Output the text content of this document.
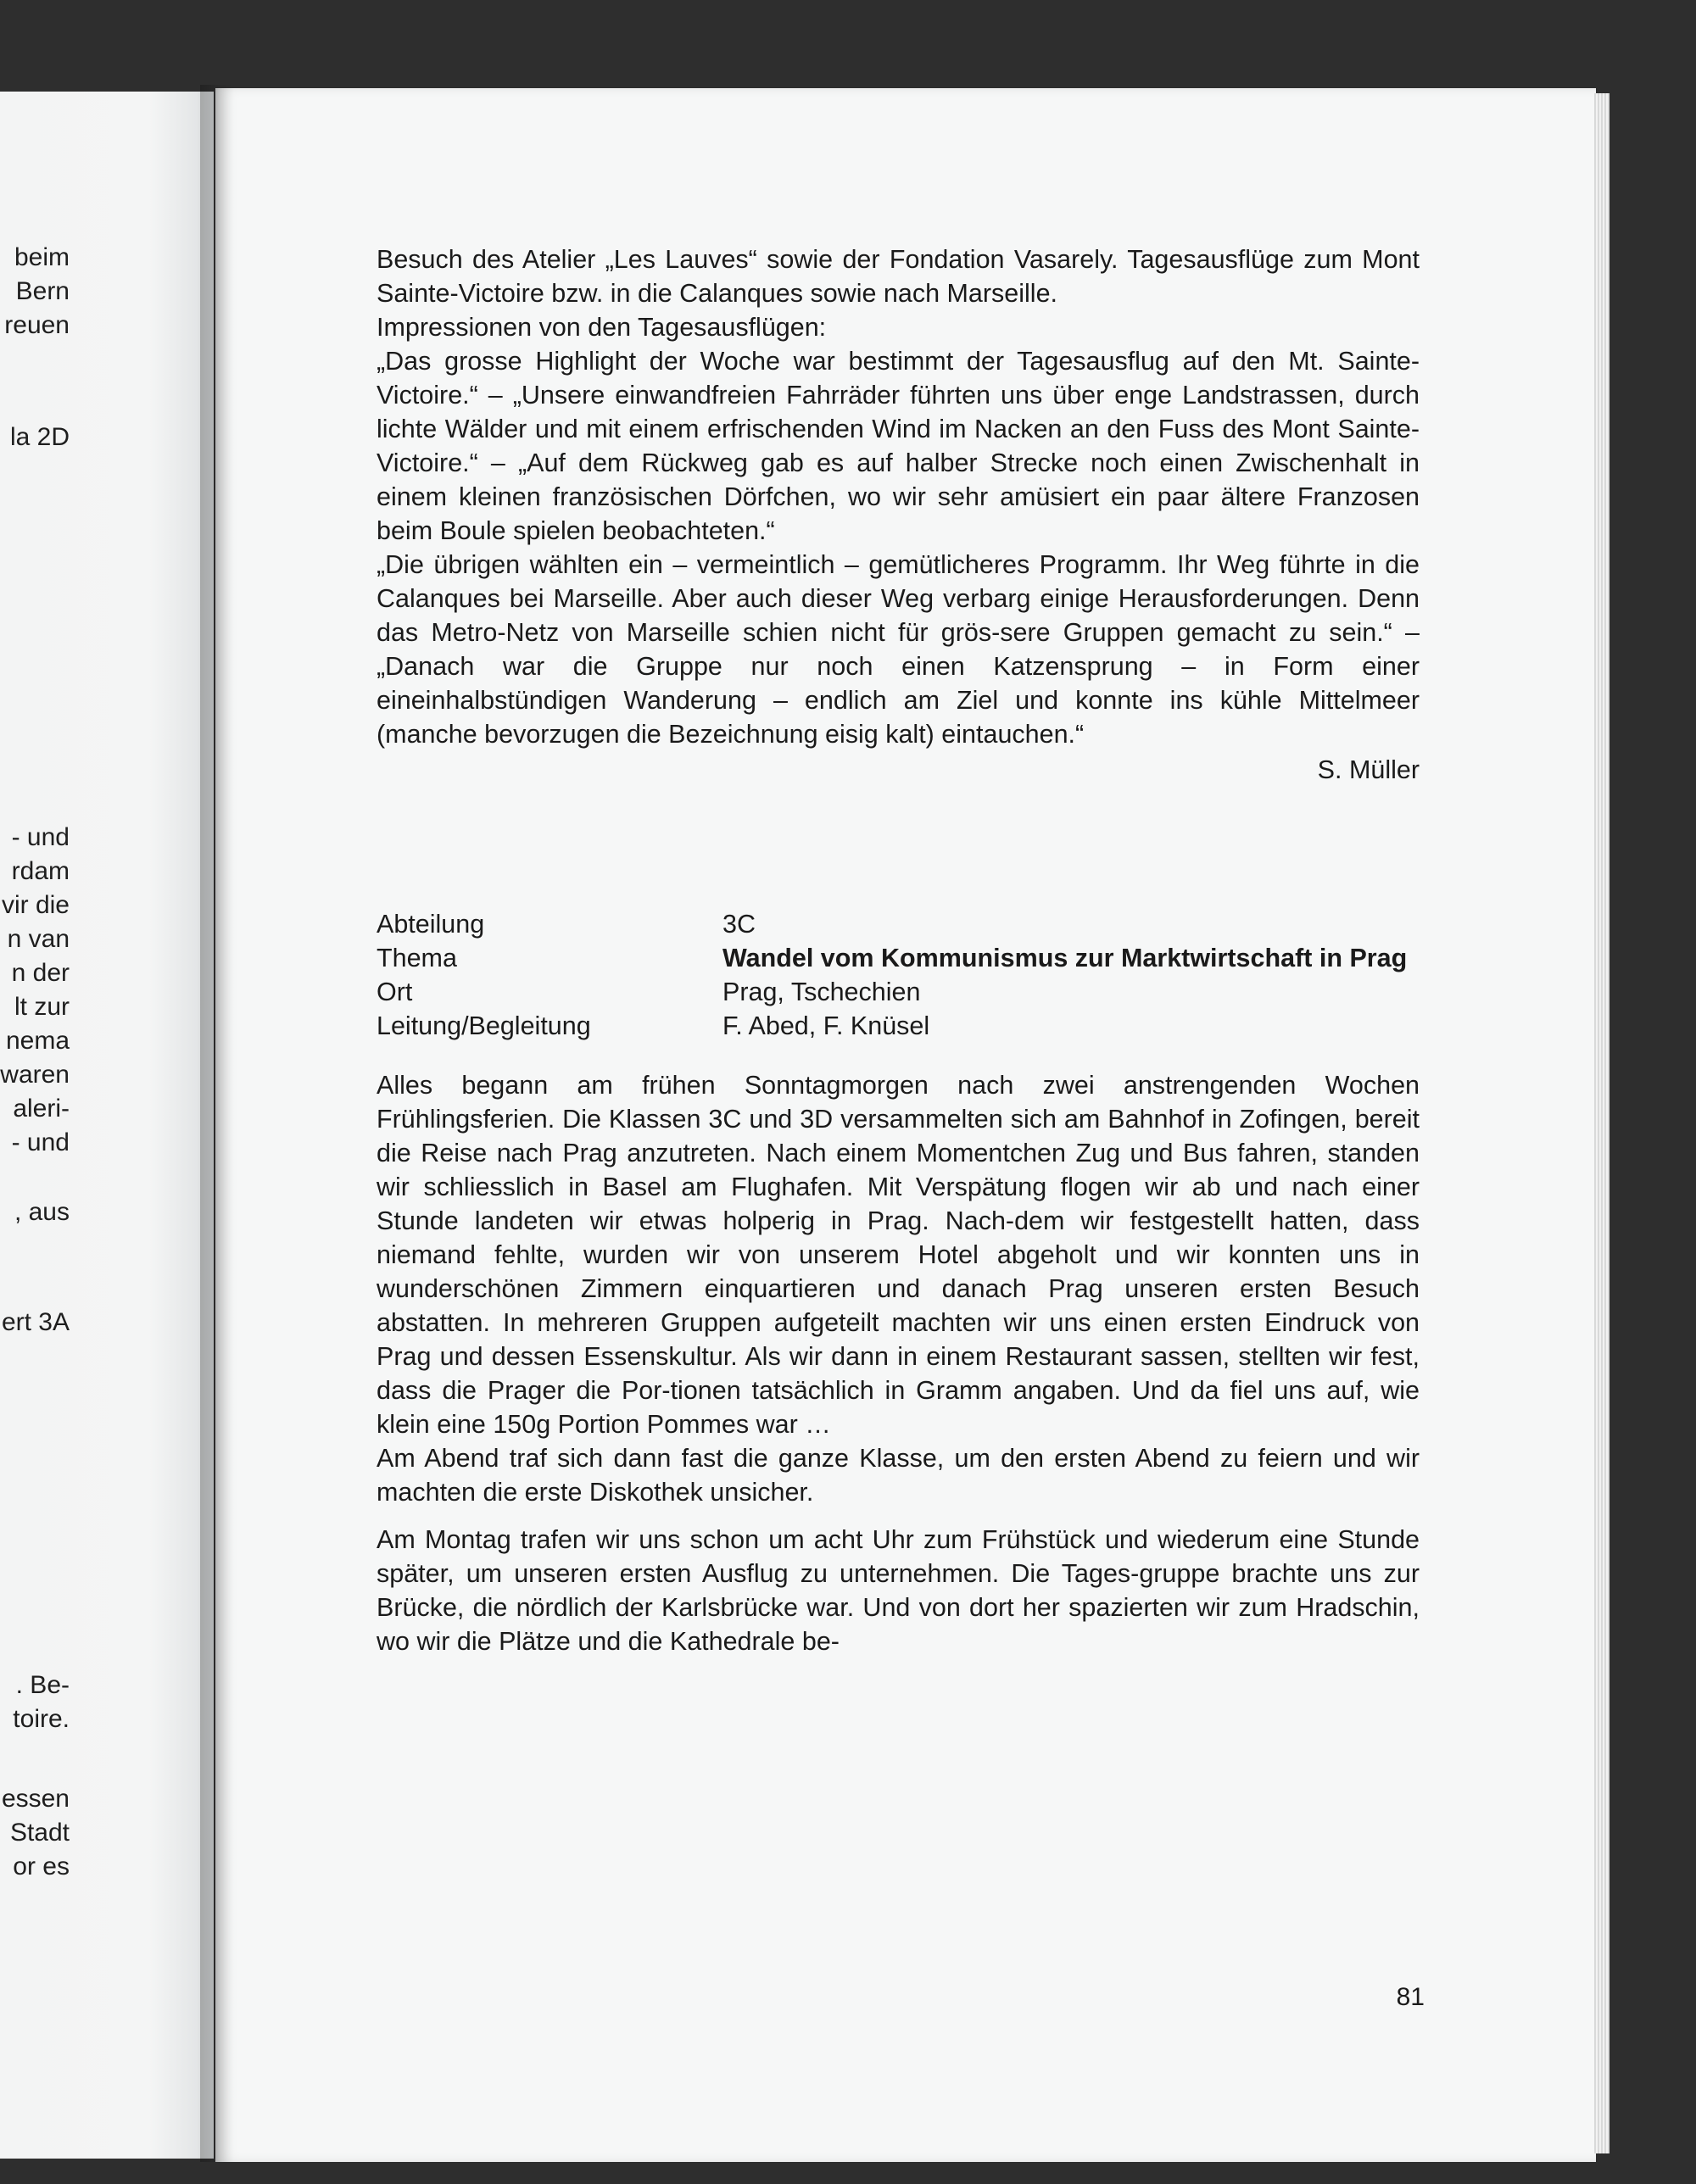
beim
Bern
reuen
la 2D
- und
rdam
vir die
n van
n der
lt zur
nema
waren
aleri-
- und
, aus
ert 3A
. Be-
toire.
essen
Stadt
or es

Besuch des Atelier „Les Lauves“ sowie der Fondation Vasarely. Tagesausflüge zum Mont Sainte-Victoire bzw. in die Calanques sowie nach Marseille.

Impressionen von den Tagesausflügen:

„Das grosse Highlight der Woche war bestimmt der Tagesausflug auf den Mt. Sainte-Victoire.“ – „Unsere einwandfreien Fahrräder führten uns über enge Landstrassen, durch lichte Wälder und mit einem erfrischenden Wind im Nacken an den Fuss des Mont Sainte-Victoire.“ – „Auf dem Rückweg gab es auf halber Strecke noch einen Zwischenhalt in einem kleinen französischen Dörfchen, wo wir sehr amüsiert ein paar ältere Franzosen beim Boule spielen beobachteten.“

„Die übrigen wählten ein – vermeintlich – gemütlicheres Programm. Ihr Weg führte in die Calanques bei Marseille. Aber auch dieser Weg verbarg einige Herausforderungen. Denn das Metro-Netz von Marseille schien nicht für grös-sere Gruppen gemacht zu sein.“ – „Danach war die Gruppe nur noch einen Katzensprung – in Form einer eineinhalbstündigen Wanderung – endlich am Ziel und konnte ins kühle Mittelmeer (manche bevorzugen die Bezeichnung eisig kalt) eintauchen.“

S. Müller
Abteilung	3C
Thema	Wandel vom Kommunismus zur Marktwirtschaft in Prag
Ort	Prag, Tschechien
Leitung/Begleitung	F. Abed, F. Knüsel

Alles begann am frühen Sonntagmorgen nach zwei anstrengenden Wochen Frühlingsferien. Die Klassen 3C und 3D versammelten sich am Bahnhof in Zofingen, bereit die Reise nach Prag anzutreten. Nach einem Momentchen Zug und Bus fahren, standen wir schliesslich in Basel am Flughafen. Mit Verspätung flogen wir ab und nach einer Stunde landeten wir etwas holperig in Prag. Nach-dem wir festgestellt hatten, dass niemand fehlte, wurden wir von unserem Hotel abgeholt und wir konnten uns in wunderschönen Zimmern einquartieren und danach Prag unseren ersten Besuch abstatten. In mehreren Gruppen aufgeteilt machten wir uns einen ersten Eindruck von Prag und dessen Essenskultur. Als wir dann in einem Restaurant sassen, stellten wir fest, dass die Prager die Por-tionen tatsächlich in Gramm angaben. Und da fiel uns auf, wie klein eine 150g Portion Pommes war …

Am Abend traf sich dann fast die ganze Klasse, um den ersten Abend zu feiern und wir machten die erste Diskothek unsicher.

Am Montag trafen wir uns schon um acht Uhr zum Frühstück und wiederum eine Stunde später, um unseren ersten Ausflug zu unternehmen. Die Tages-gruppe brachte uns zur Brücke, die nördlich der Karlsbrücke war. Und von dort her spazierten wir zum Hradschin, wo wir die Plätze und die Kathedrale be-

81
